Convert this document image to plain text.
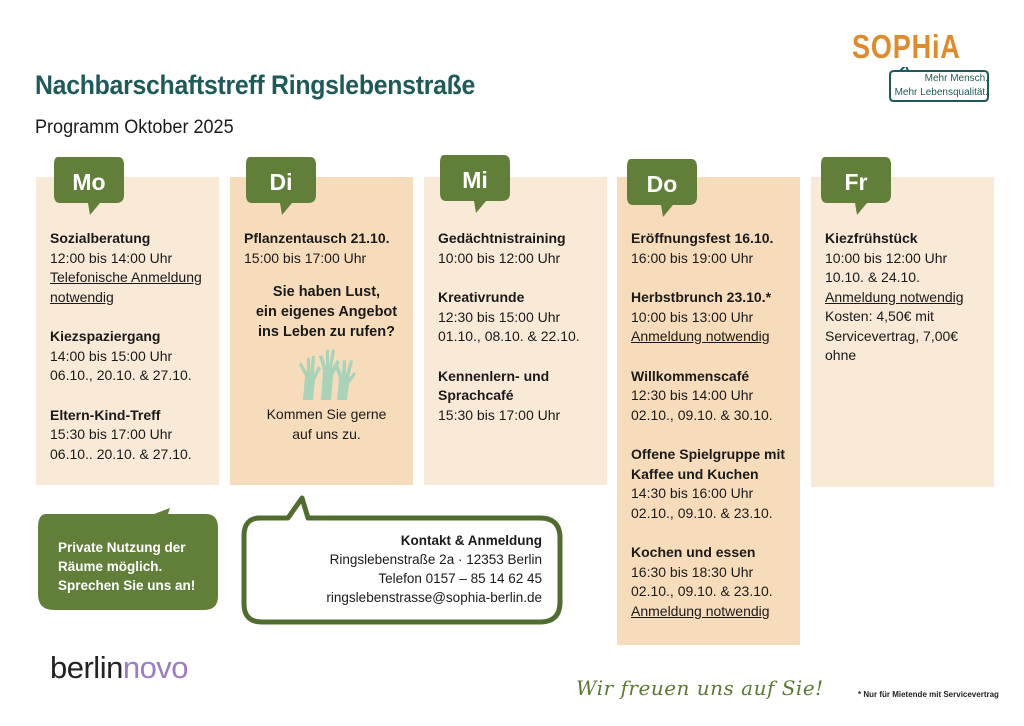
Nachbarschaftstreff Ringslebenstraße
Programm Oktober 2025
SOPHiA
Mehr Mensch.
Mehr Lebensqualität.
Mo
Sozialberatung
12:00 bis 14:00 Uhr
Telefonische Anmeldung notwendig
Kiezspaziergang
14:00 bis 15:00 Uhr
06.10., 20.10. & 27.10.
Eltern-Kind-Treff
15:30 bis 17:00 Uhr
06.10.. 20.10. & 27.10.
Di
Pflanzentausch 21.10.
15:00 bis 17:00 Uhr
Sie haben Lust,
ein eigenes Angebot
ins Leben zu rufen?
Kommen Sie gerne
auf uns zu.
Mi
Gedächtnistraining
10:00 bis 12:00 Uhr
Kreativrunde
12:30 bis 15:00 Uhr
01.10., 08.10. & 22.10.
Kennenlern- und Sprachcafé
15:30 bis 17:00 Uhr
Do
Eröffnungsfest 16.10.
16:00 bis 19:00 Uhr
Herbstbrunch 23.10.*
10:00 bis 13:00 Uhr
Anmeldung notwendig
Willkommenscafé
12:30 bis 14:00 Uhr
02.10., 09.10. & 30.10.
Offene Spielgruppe mit Kaffee und Kuchen
14:30 bis 16:00 Uhr
02.10., 09.10. & 23.10.
Kochen und essen
16:30 bis 18:30 Uhr
02.10., 09.10. & 23.10.
Anmeldung notwendig
Fr
Kiezfrühstück
10:00 bis 12:00 Uhr
10.10. & 24.10.
Anmeldung notwendig
Kosten: 4,50€ mit Servicevertrag, 7,00€ ohne
Private Nutzung der
Räume möglich.
Sprechen Sie uns an!
Kontakt & Anmeldung
Ringslebenstraße 2a · 12353 Berlin
Telefon 0157 – 85 14 62 45
ringslebenstrasse@sophia-berlin.de
berlinnovo
Wir freuen uns auf Sie!	* Nur für Mietende mit Servicevertrag
